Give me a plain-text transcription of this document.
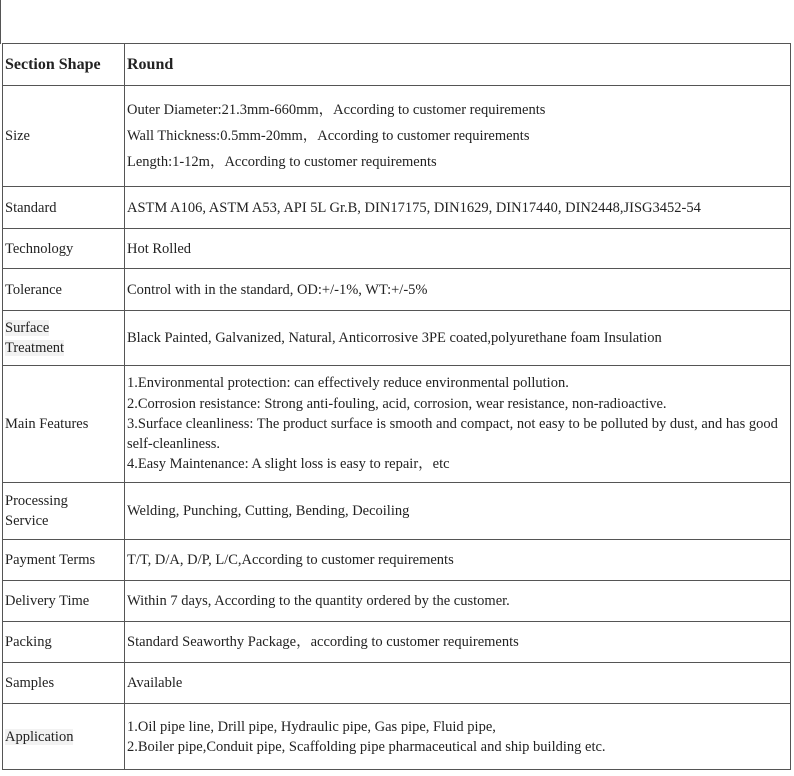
Section Shape	Round
Size	Outer Diameter:21.3mm-660mm，According to customer requirements
Wall Thickness:0.5mm-20mm，According to customer requirements
Length:1-12m，According to customer requirements

Standard	ASTM A106, ASTM A53, API 5L Gr.B, DIN17175, DIN1629, DIN17440, DIN2448,JISG3452-54
Technology	Hot Rolled
Tolerance	Control with in the standard, OD:+/-1%, WT:+/-5%

Surface
Treatment	Black Painted, Galvanized, Natural, Anticorrosive 3PE coated,polyurethane foam Insulation
Main Features	1.Environmental protection: can effectively reduce environmental pollution.
2.Corrosion resistance: Strong anti-fouling, acid, corrosion, wear resistance, non-radioactive.
3.Surface cleanliness: The product surface is smooth and compact, not easy to be polluted by dust, and has good self-cleanliness.
4.Easy Maintenance: A slight loss is easy to repair，etc

Processing
Service	Welding, Punching, Cutting, Bending, Decoiling
Payment Terms	T/T, D/A, D/P, L/C,According to customer requirements
Delivery Time	Within 7 days, According to the quantity ordered by the customer.
Packing	Standard Seaworthy Package，according to customer requirements
Samples	Available
Application	1.Oil pipe line, Drill pipe, Hydraulic pipe, Gas pipe, Fluid pipe,
2.Boiler pipe,Conduit pipe, Scaffolding pipe pharmaceutical and ship building etc.
